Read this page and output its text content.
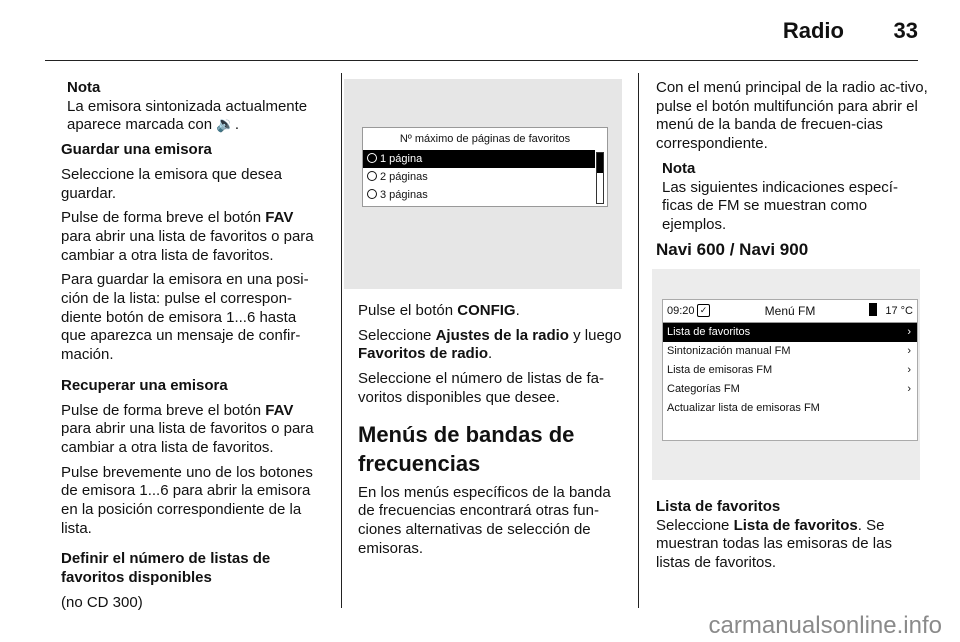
Radio 33

Nota

La emisora sintonizada actualmente aparece marcada con 🔉.

Guardar una emisora

Seleccione la emisora que desea guardar.

Pulse de forma breve el botón FAV para abrir una lista de favoritos o para cambiar a otra lista de favoritos.

Para guardar la emisora en una posi-ción de la lista: pulse el correspon-diente botón de emisora 1...6 hasta que aparezca un mensaje de confir-mación.

Recuperar una emisora

Pulse de forma breve el botón FAV para abrir una lista de favoritos o para cambiar a otra lista de favoritos.

Pulse brevemente uno de los botones de emisora 1...6 para abrir la emisora en la posición correspondiente de la lista.

Definir el número de listas de favoritos disponibles

(no CD 300)

Nº máximo de páginas de favoritos
1 página
2 páginas
3 páginas

Pulse el botón CONFIG.

Seleccione Ajustes de la radio y luego Favoritos de radio.

Seleccione el número de listas de fa-voritos disponibles que desee.

Menús de bandas de frecuencias

En los menús específicos de la banda de frecuencias encontrará otras fun-ciones alternativas de selección de emisoras.

Con el menú principal de la radio ac-tivo, pulse el botón multifunción para abrir el menú de la banda de frecuen-cias correspondiente.

Nota

Las siguientes indicaciones especí-ficas de FM se muestran como ejemplos.

Navi 600 / Navi 900

09:20 ✓	Menú FM	17 °C
Lista de favoritos	›
Sintonización manual FM	›
Lista de emisoras FM	›
Categorías FM	›
Actualizar lista de emisoras FM

Lista de favoritos

Seleccione Lista de favoritos. Se muestran todas las emisoras de las listas de favoritos.

carmanualsonline.info
